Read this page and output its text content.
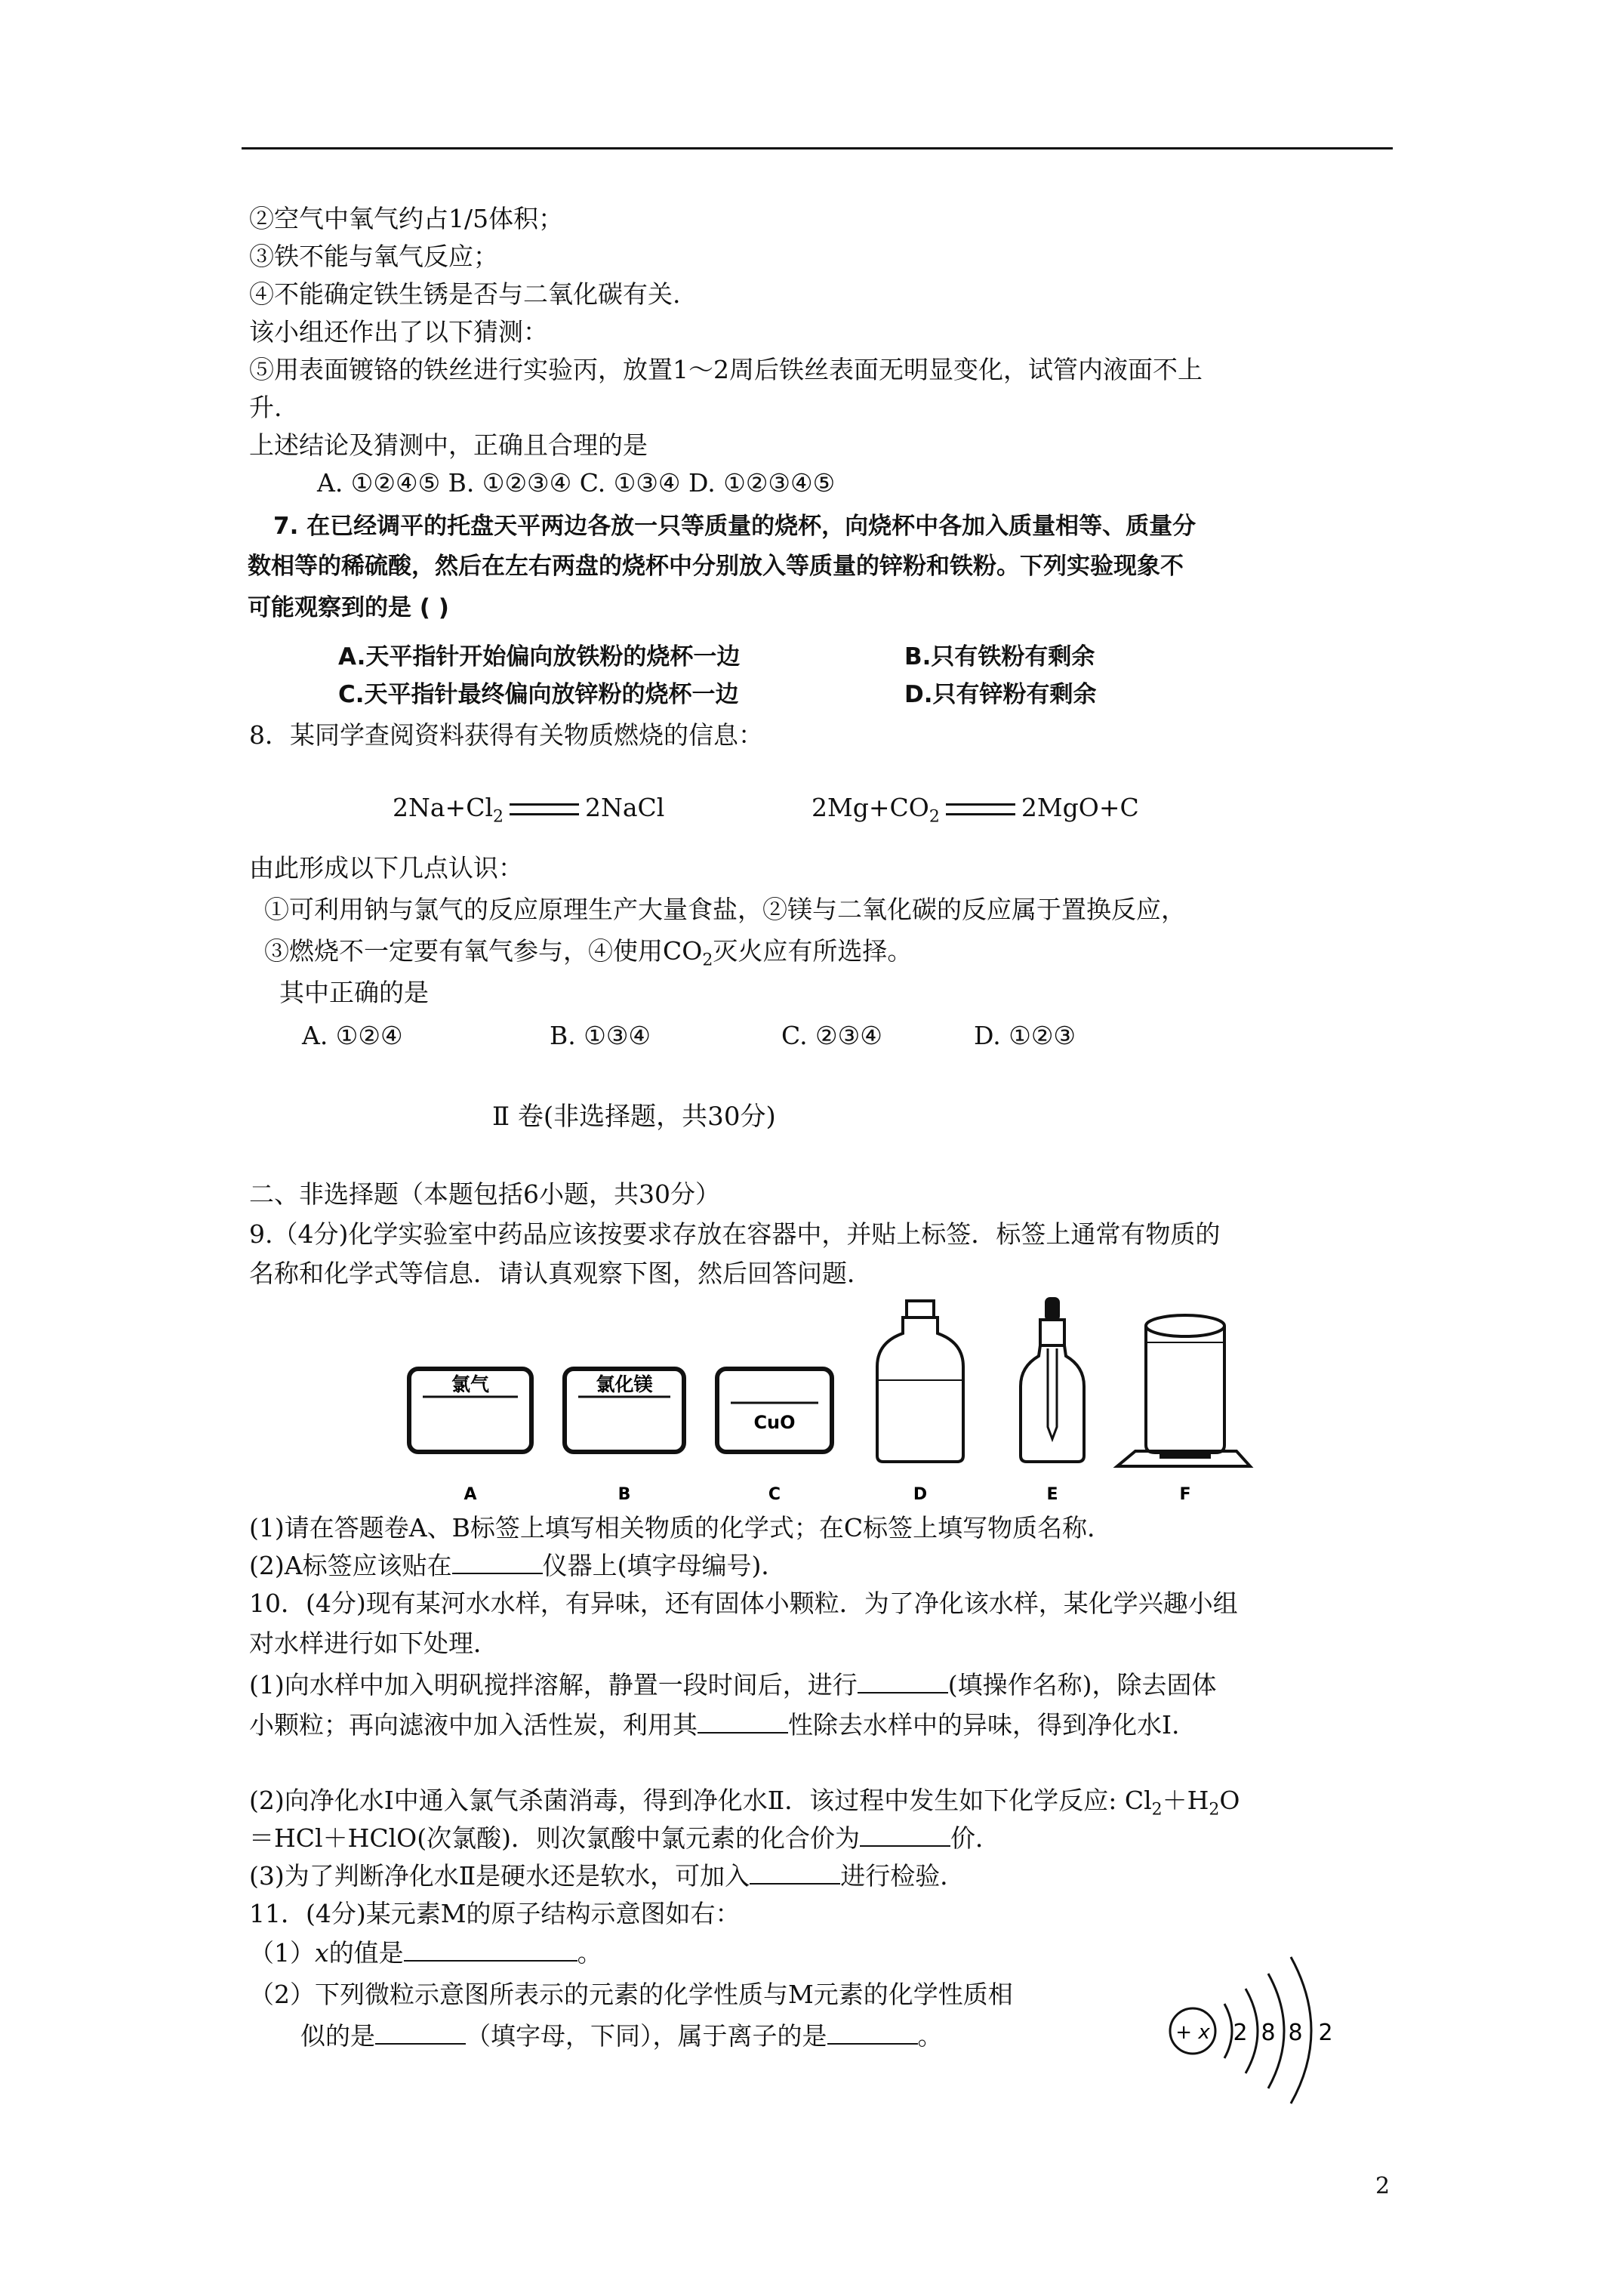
②空气中氧气约占1/5体积；
③铁不能与氧气反应；
④不能确定铁生锈是否与二氧化碳有关.
该小组还作出了以下猜测：
⑤用表面镀铬的铁丝进行实验丙，放置1～2周后铁丝表面无明显变化，试管内液面不上
升.
上述结论及猜测中，正确且合理的是
A. ①②④⑤ B. ①②③④ C. ①③④ D. ①②③④⑤
7. 在已经调平的托盘天平两边各放一只等质量的烧杯，向烧杯中各加入质量相等、质量分
数相等的稀硫酸，然后在左右两盘的烧杯中分别放入等质量的锌粉和铁粉。下列实验现象不
可能观察到的是 ( )
A.天平指针开始偏向放铁粉的烧杯一边	B.只有铁粉有剩余
C.天平指针最终偏向放锌粉的烧杯一边	D.只有锌粉有剩余
8．某同学查阅资料获得有关物质燃烧的信息：
$2Na+Cl_2$	2NaCl	$2Mg+CO_2$	2MgO+C
由此形成以下几点认识：
①可利用钠与氯气的反应原理生产大量食盐，②镁与二氧化碳的反应属于置换反应，
③燃烧不一定要有氧气参与，④使用$CO_2$灭火应有所选择。
其中正确的是
A. ①②④	B. ①③④	C. ②③④	D. ①②③
Ⅱ 卷(非选择题，共30分)
二、非选择题（本题包括6小题，共30分）
9.（4分)化学实验室中药品应该按要求存放在容器中，并贴上标签．标签上通常有物质的
名称和化学式等信息．请认真观察下图，然后回答问题．
氯气	氯化镁
CuO
A	B	C	D	E	F
(1)请在答题卷A、B标签上填写相关物质的化学式；在C标签上填写物质名称．
(2)A标签应该贴在	仪器上(填字母编号)．
10．(4分)现有某河水水样，有异味，还有固体小颗粒．为了净化该水样，某化学兴趣小组
对水样进行如下处理．
(1)向水样中加入明矾搅拌溶解，静置一段时间后，进行	(填操作名称)，除去固体
小颗粒；再向滤液中加入活性炭，利用其	性除去水样中的异味，得到净化水Ⅰ.
(2)向净化水Ⅰ中通入氯气杀菌消毒，得到净化水Ⅱ．该过程中发生如下化学反应: $Cl_2+H_2O$
＝HCl＋HClO(次氯酸)．则次氯酸中氯元素的化合价为	价．
(3)为了判断净化水Ⅱ是硬水还是软水，可加入	进行检验．
11．(4分)某元素M的原子结构示意图如右：
（1）x的值是	。
（2）下列微粒示意图所表示的元素的化学性质与M元素的化学性质相
似的是	（填字母，下同），属于离子的是	。	+ x 2 8 8 2
2
